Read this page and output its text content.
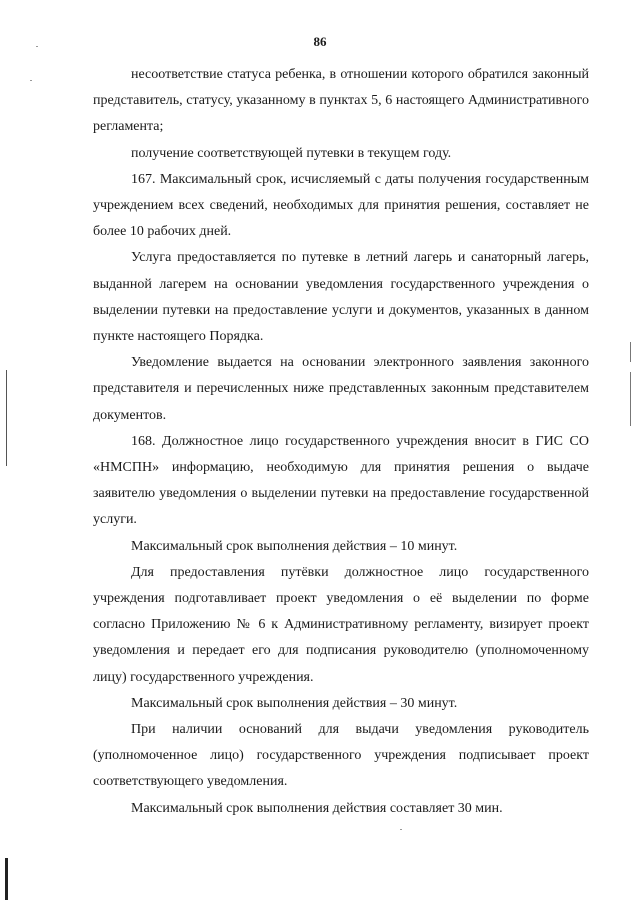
86

несоответствие статуса ребенка, в отношении которого обратился законный представитель, статусу, указанному в пунктах 5, 6 настоящего Административного регламента;

получение соответствующей путевки в текущем году.

167. Максимальный срок, исчисляемый с даты получения государственным учреждением всех сведений, необходимых для принятия решения, составляет не более 10 рабочих дней.

Услуга предоставляется по путевке в летний лагерь и санаторный лагерь, выданной лагерем на основании уведомления государственного учреждения о выделении путевки на предоставление услуги и документов, указанных в данном пункте настоящего Порядка.

Уведомление выдается на основании электронного заявления законного представителя и перечисленных ниже представленных законным представителем документов.

168. Должностное лицо государственного учреждения вносит в ГИС СО «НМСПН» информацию, необходимую для принятия решения о выдаче заявителю уведомления о выделении путевки на предоставление государственной услуги.

Максимальный срок выполнения действия – 10 минут.

Для предоставления путёвки должностное лицо государственного учреждения подготавливает проект уведомления о её выделении по форме согласно Приложению № 6 к Административному регламенту, визирует проект уведомления и передает его для подписания руководителю (уполномоченному лицу) государственного учреждения.

Максимальный срок выполнения действия – 30 минут.

При наличии оснований для выдачи уведомления руководитель (уполномоченное лицо) государственного учреждения подписывает проект соответствующего уведомления.

Максимальный срок выполнения действия составляет 30 мин.
